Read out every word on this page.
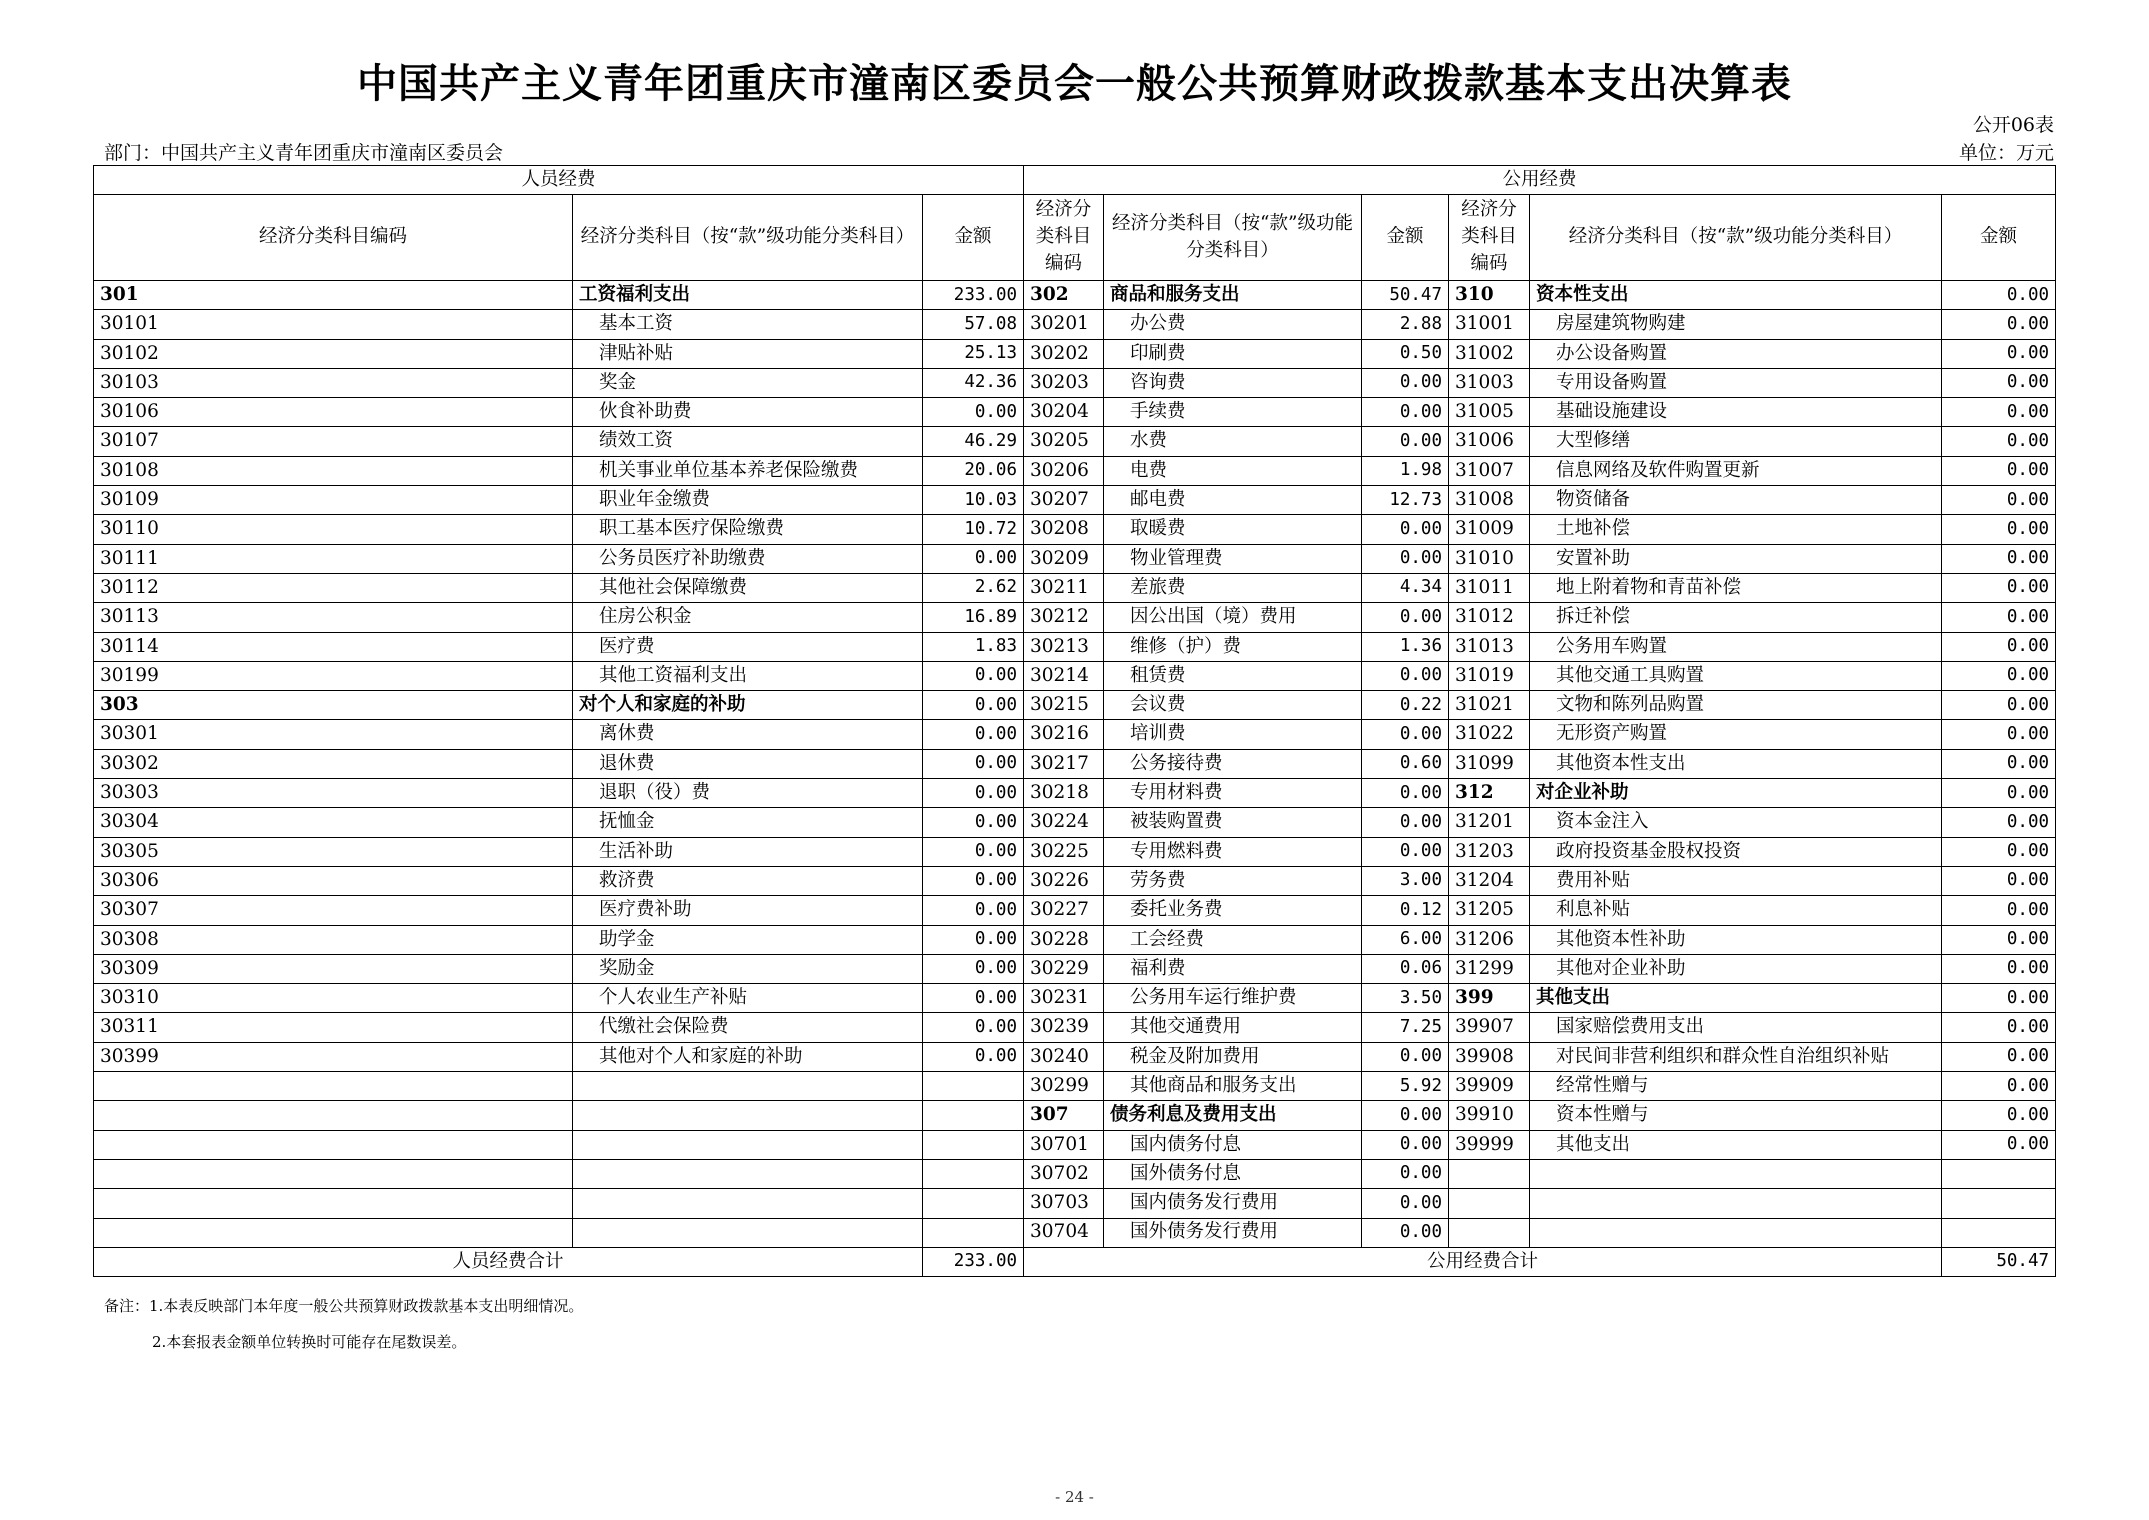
中国共产主义青年团重庆市潼南区委员会一般公共预算财政拨款基本支出决算表
公开06表
部门：中国共产主义青年团重庆市潼南区委员会	单位：万元
人员经费			公用经费					
经济分类科目编码	经济分类科目（按“款”级功能分类科目）	金额	经济分类科目编码	经济分类科目（按“款”级功能分类科目）	金额	经济分类科目编码	经济分类科目（按“款”级功能分类科目）	金额
301	工资福利支出	233.00	302	商品和服务支出	50.47	310	资本性支出	0.00
30101	基本工资	57.08	30201	办公费	2.88	31001	房屋建筑物购建	0.00
30102	津贴补贴	25.13	30202	印刷费	0.50	31002	办公设备购置	0.00
30103	奖金	42.36	30203	咨询费	0.00	31003	专用设备购置	0.00
30106	伙食补助费	0.00	30204	手续费	0.00	31005	基础设施建设	0.00
30107	绩效工资	46.29	30205	水费	0.00	31006	大型修缮	0.00
30108	机关事业单位基本养老保险缴费	20.06	30206	电费	1.98	31007	信息网络及软件购置更新	0.00
30109	职业年金缴费	10.03	30207	邮电费	12.73	31008	物资储备	0.00
30110	职工基本医疗保险缴费	10.72	30208	取暖费	0.00	31009	土地补偿	0.00
30111	公务员医疗补助缴费	0.00	30209	物业管理费	0.00	31010	安置补助	0.00
30112	其他社会保障缴费	2.62	30211	差旅费	4.34	31011	地上附着物和青苗补偿	0.00
30113	住房公积金	16.89	30212	因公出国（境）费用	0.00	31012	拆迁补偿	0.00
30114	医疗费	1.83	30213	维修（护）费	1.36	31013	公务用车购置	0.00
30199	其他工资福利支出	0.00	30214	租赁费	0.00	31019	其他交通工具购置	0.00
303	对个人和家庭的补助	0.00	30215	会议费	0.22	31021	文物和陈列品购置	0.00
30301	离休费	0.00	30216	培训费	0.00	31022	无形资产购置	0.00
30302	退休费	0.00	30217	公务接待费	0.60	31099	其他资本性支出	0.00
30303	退职（役）费	0.00	30218	专用材料费	0.00	312	对企业补助	0.00
30304	抚恤金	0.00	30224	被装购置费	0.00	31201	资本金注入	0.00
30305	生活补助	0.00	30225	专用燃料费	0.00	31203	政府投资基金股权投资	0.00
30306	救济费	0.00	30226	劳务费	3.00	31204	费用补贴	0.00
30307	医疗费补助	0.00	30227	委托业务费	0.12	31205	利息补贴	0.00
30308	助学金	0.00	30228	工会经费	6.00	31206	其他资本性补助	0.00
30309	奖励金	0.00	30229	福利费	0.06	31299	其他对企业补助	0.00
30310	个人农业生产补贴	0.00	30231	公务用车运行维护费	3.50	399	其他支出	0.00
30311	代缴社会保险费	0.00	30239	其他交通费用	7.25	39907	国家赔偿费用支出	0.00
30399	其他对个人和家庭的补助	0.00	30240	税金及附加费用	0.00	39908	对民间非营利组织和群众性自治组织补贴	0.00
			30299	其他商品和服务支出	5.92	39909	经常性赠与	0.00
			307	债务利息及费用支出	0.00	39910	资本性赠与	0.00
			30701	国内债务付息	0.00	39999	其他支出	0.00
			30702	国外债务付息	0.00			
			30703	国内债务发行费用	0.00			
			30704	国外债务发行费用	0.00			
人员经费合计		233.00	公用经费合计					50.47
备注：1.本表反映部门本年度一般公共预算财政拨款基本支出明细情况。
2.本套报表金额单位转换时可能存在尾数误差。
- 24 -
